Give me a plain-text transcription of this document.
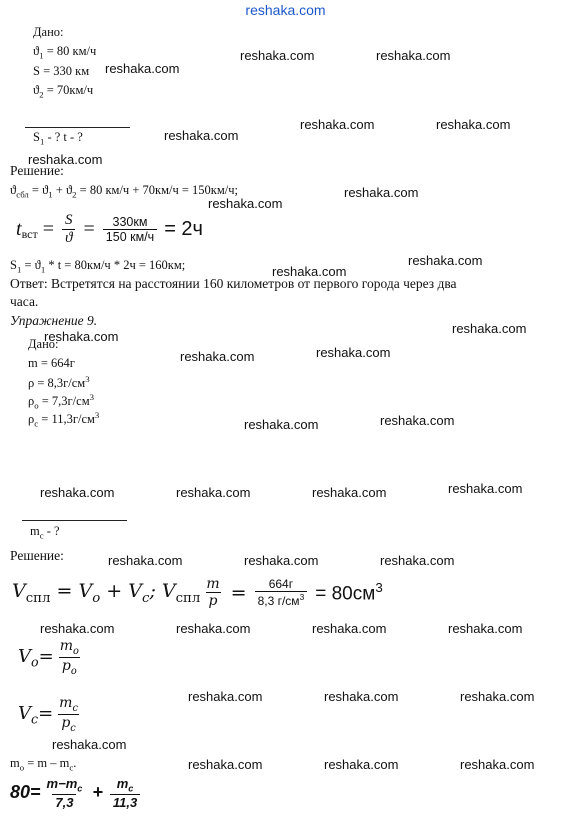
reshaka.com
Дано:
$ϑ_1 = 80$ км/ч
S = 330 км
$ϑ_2 = 70км/ч$
$S_1$ - ? t - ?
Решение:
$ϑ_{сбл} = ϑ_1 + ϑ_2 = 80$ км/ч + 70км/ч = 150км/ч;
t вст = $\frac{S}{ϑ} = \frac{330км}{150 км/ч} = 2ч$
$S_1 = ϑ_1 * t = 80км/ч * 2ч = 160км$;
Ответ: Встретятся на расстоянии 160 километров от первого города через два
часа.
Упражнение 9.
Дано:
m = 664г
$\rho = 8,3г/см^3$
$\rho_о = 7,3г/см^3$
$\rho_с = 11,3г/см^3$
$m_с$ - ?
Решение:
$V_{спл} = V_о + V_с$; $V_{спл} \frac{m}{p} = \frac{664г}{8,3 г/см^3} = 80см^3$
$V_о= \frac{m_о}{p_о}$
$V_c= \frac{m_c}{p_c}$
$m_о = m - m_с$.
$80= \frac{m-m_c}{7,3} + \frac{m_c}{11,3}$
reshaka.com
reshaka.com	reshaka.com
reshaka.com
reshaka.com	reshaka.com
reshaka.com
reshaka.com
reshaka.com
reshaka.com
reshaka.com
reshaka.com
reshaka.com
reshaka.com
reshaka.com
reshaka.com
reshaka.com
reshaka.com	reshaka.com	reshaka.com	reshaka.com
reshaka.com	reshaka.com	reshaka.com
reshaka.com	reshaka.com	reshaka.com	reshaka.com
reshaka.com	reshaka.com	reshaka.com
reshaka.com
reshaka.com	reshaka.com	reshaka.com
